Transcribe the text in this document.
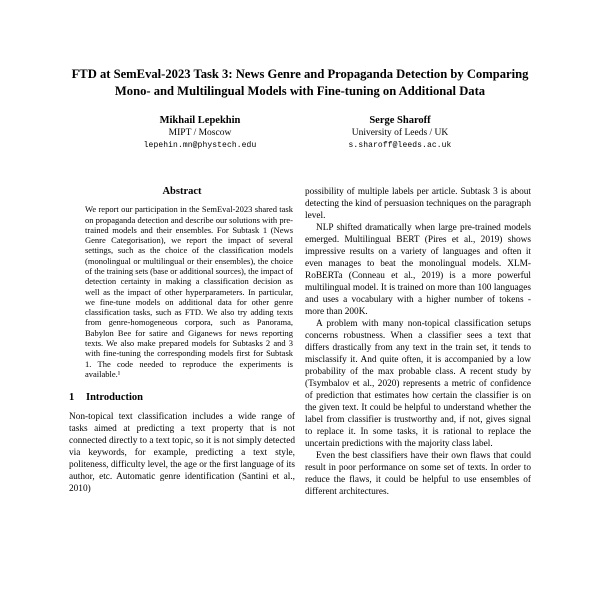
FTD at SemEval-2023 Task 3: News Genre and Propaganda Detection by Comparing Mono- and Multilingual Models with Fine-tuning on Additional Data
Mikhail Lepekhin
MIPT / Moscow
lepehin.mn@phystech.edu
Serge Sharoff
University of Leeds / UK
s.sharoff@leeds.ac.uk
Abstract

We report our participation in the SemEval-2023 shared task on propaganda detection and describe our solutions with pre-trained models and their ensembles. For Subtask 1 (News Genre Categorisation), we report the impact of several settings, such as the choice of the classification models (monolingual or multilingual or their ensembles), the choice of the training sets (base or additional sources), the impact of detection certainty in making a classification decision as well as the impact of other hyperparameters. In particular, we fine-tune models on additional data for other genre classification tasks, such as FTD. We also try adding texts from genre-homogeneous corpora, such as Panorama, Babylon Bee for satire and Giganews for news reporting texts. We also make prepared models for Subtasks 2 and 3 with fine-tuning the corresponding models first for Subtask 1. The code needed to reproduce the experiments is available.¹

1 Introduction

Non-topical text classification includes a wide range of tasks aimed at predicting a text property that is not connected directly to a text topic, so it is not simply detected via keywords, for example, predicting a text style, politeness, difficulty level, the age or the first language of its author, etc. Automatic genre identification (Santini et al., 2010)

possibility of multiple labels per article. Subtask 3 is about detecting the kind of persuasion techniques on the paragraph level.

NLP shifted dramatically when large pre-trained models emerged. Multilingual BERT (Pires et al., 2019) shows impressive results on a variety of languages and often it even manages to beat the monolingual models. XLM-RoBERTa (Conneau et al., 2019) is a more powerful multilingual model. It is trained on more than 100 languages and uses a vocabulary with a higher number of tokens - more than 200K.

A problem with many non-topical classification setups concerns robustness. When a classifier sees a text that differs drastically from any text in the train set, it tends to misclassify it. And quite often, it is accompanied by a low probability of the max probable class. A recent study by (Tsymbalov et al., 2020) represents a metric of confidence of prediction that estimates how certain the classifier is on the given text. It could be helpful to understand whether the label from classifier is trustworthy and, if not, gives signal to replace it. In some tasks, it is rational to replace the uncertain predictions with the majority class label.

Even the best classifiers have their own flaws that could result in poor performance on some set of texts. In order to reduce the flaws, it could be helpful to use ensembles of different architectures.
